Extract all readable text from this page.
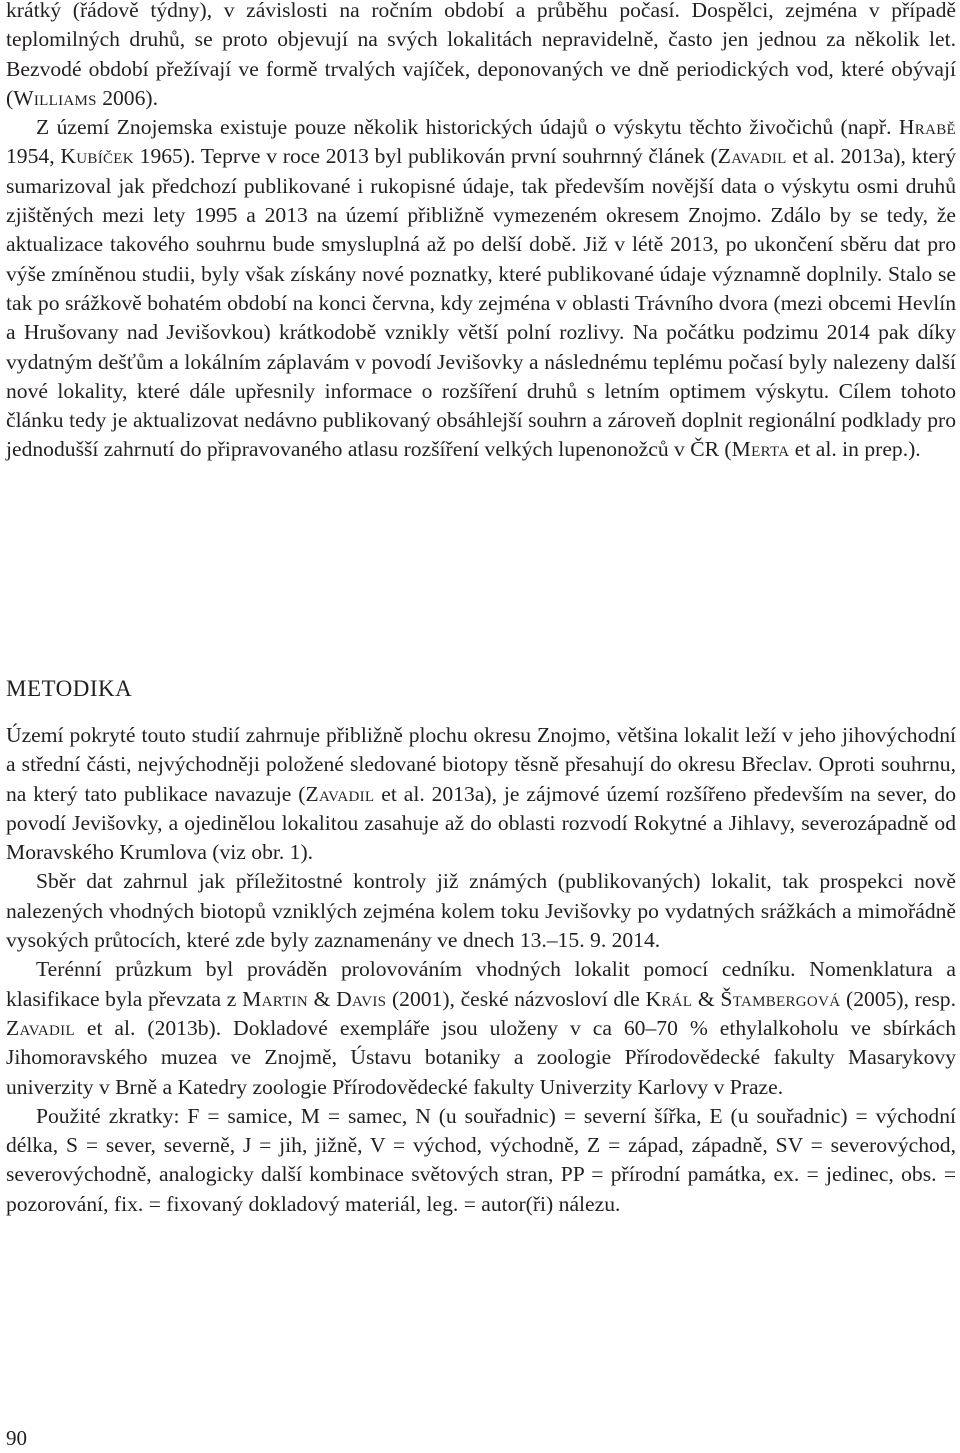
krátký (řádově týdny), v závislosti na ročním období a průběhu počasí. Dospělci, zejména v případě teplomilných druhů, se proto objevují na svých lokalitách nepravidelně, často jen jednou za několik let. Bezvodé období přežívají ve formě trvalých vajíček, deponovaných ve dně periodických vod, které obývají (Williams 2006).

Z území Znojemska existuje pouze několik historických údajů o výskytu těchto živočichů (např. Hrabě 1954, Kubíček 1965). Teprve v roce 2013 byl publikován první souhrnný článek (Zavadil et al. 2013a), který sumarizoval jak předchozí publikované i rukopisné údaje, tak především novější data o výskytu osmi druhů zjištěných mezi lety 1995 a 2013 na území přibližně vymezeném okresem Znojmo. Zdálo by se tedy, že aktualizace takového souhrnu bude smysluplná až po delší době. Již v létě 2013, po ukončení sběru dat pro výše zmíněnou studii, byly však získány nové poznatky, které publikované údaje významně doplnily. Stalo se tak po srážkově bohatém období na konci června, kdy zejména v oblasti Trávního dvora (mezi obcemi Hevlín a Hrušovany nad Jevišovkou) krátkodobě vznikly větší polní rozlivy. Na počátku podzimu 2014 pak díky vydatným dešťům a lokálním záplavám v povodí Jevišovky a následnému teplému počasí byly nalezeny další nové lokality, které dále upřesnily informace o rozšíření druhů s letním optimem výskytu. Cílem tohoto článku tedy je aktualizovat nedávno publikovaný obsáhlejší souhrn a zároveň doplnit regionální podklady pro jednodušší zahrnutí do připravovaného atlasu rozšíření velkých lupenonožců v ČR (Merta et al. in prep.).

METODIKA

Území pokryté touto studií zahrnuje přibližně plochu okresu Znojmo, většina lokalit leží v jeho jihovýchodní a střední části, nejvýchodněji položené sledované biotopy těsně přesahují do okresu Břeclav. Oproti souhrnu, na který tato publikace navazuje (Zavadil et al. 2013a), je zájmové území rozšířeno především na sever, do povodí Jevišovky, a ojedinělou lokalitou zasahuje až do oblasti rozvodí Rokytné a Jihlavy, severozápadně od Moravského Krumlova (viz obr. 1).

Sběr dat zahrnul jak příležitostné kontroly již známých (publikovaných) lokalit, tak prospekci nově nalezených vhodných biotopů vzniklých zejména kolem toku Jevišovky po vydatných srážkách a mimořádně vysokých průtocích, které zde byly zaznamenány ve dnech 13.–15. 9. 2014.

Terénní průzkum byl prováděn prolovováním vhodných lokalit pomocí cedníku. Nomenklatura a klasifikace byla převzata z Martin & Davis (2001), české názvosloví dle Král & Štambergová (2005), resp. Zavadil et al. (2013b). Dokladové exempláře jsou uloženy v ca 60–70 % ethylalkoholu ve sbírkách Jihomoravského muzea ve Znojmě, Ústavu botaniky a zoologie Přírodovědecké fakulty Masarykovy univerzity v Brně a Katedry zoologie Přírodovědecké fakulty Univerzity Karlovy v Praze.

Použité zkratky: F = samice, M = samec, N (u souřadnic) = severní šířka, E (u souřadnic) = východní délka, S = sever, severně, J = jih, jižně, V = východ, východně, Z = západ, západně, SV = severovýchod, severovýchodně, analogicky další kombinace světových stran, PP = přírodní památka, ex. = jedinec, obs. = pozorování, fix. = fixovaný dokladový materiál, leg. = autor(ři) nálezu.

90
